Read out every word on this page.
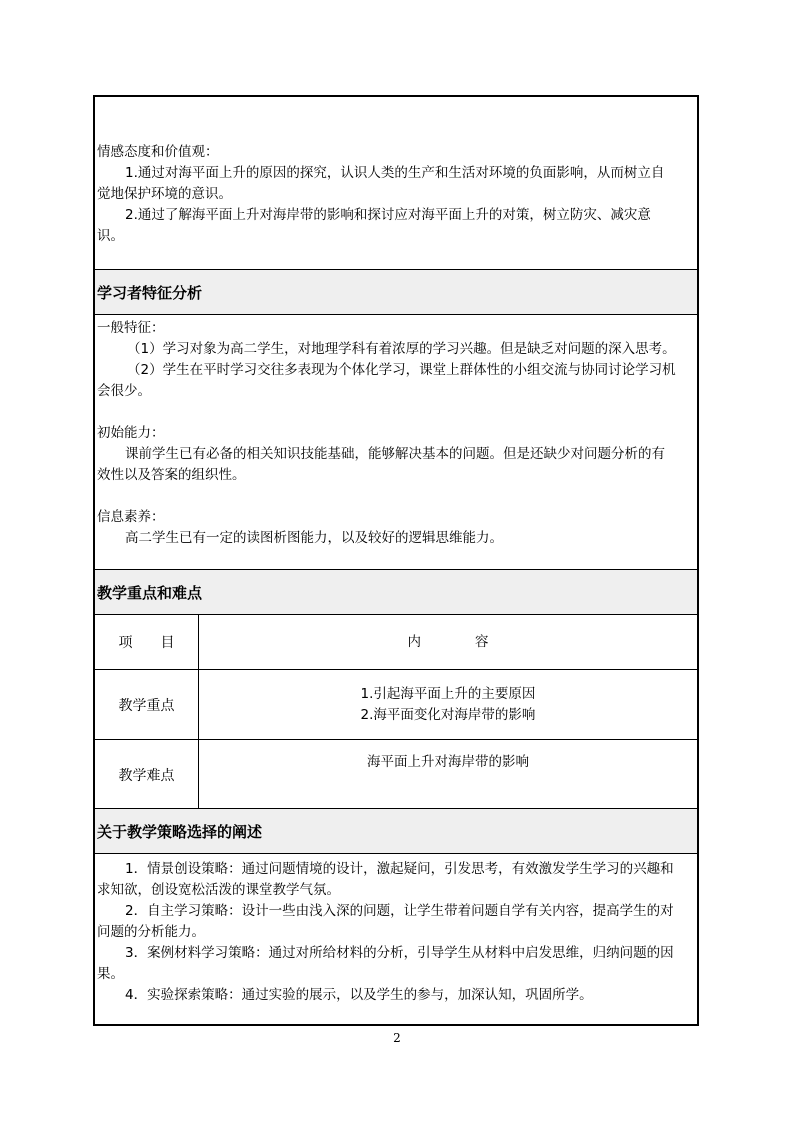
情感态度和价值观：

1.通过对海平面上升的原因的探究，认识人类的生产和生活对环境的负面影响，从而树立自

觉地保护环境的意识。

2.通过了解海平面上升对海岸带的影响和探讨应对海平面上升的对策，树立防灾、减灾意

识。

学习者特征分析

一般特征：

（1）学习对象为高二学生，对地理学科有着浓厚的学习兴趣。但是缺乏对问题的深入思考。

（2）学生在平时学习交往多表现为个体化学习，课堂上群体性的小组交流与协同讨论学习机

会很少。

初始能力：

课前学生已有必备的相关知识技能基础，能够解决基本的问题。但是还缺少对问题分析的有

效性以及答案的组织性。

信息素养：

高二学生已有一定的读图析图能力，以及较好的逻辑思维能力。

教学重点和难点
项　　目	内　　　　容
教学重点
1.引起海平面上升的主要原因
2.海平面变化对海岸带的影响
教学难点
海平面上升对海岸带的影响
关于教学策略选择的阐述

1．情景创设策略：通过问题情境的设计，激起疑问，引发思考，有效激发学生学习的兴趣和

求知欲，创设宽松活泼的课堂教学气氛。

2．自主学习策略：设计一些由浅入深的问题，让学生带着问题自学有关内容，提高学生的对

问题的分析能力。

3．案例材料学习策略：通过对所给材料的分析，引导学生从材料中启发思维，归纳问题的因

果。

4．实验探索策略：通过实验的展示，以及学生的参与，加深认知，巩固所学。

2
